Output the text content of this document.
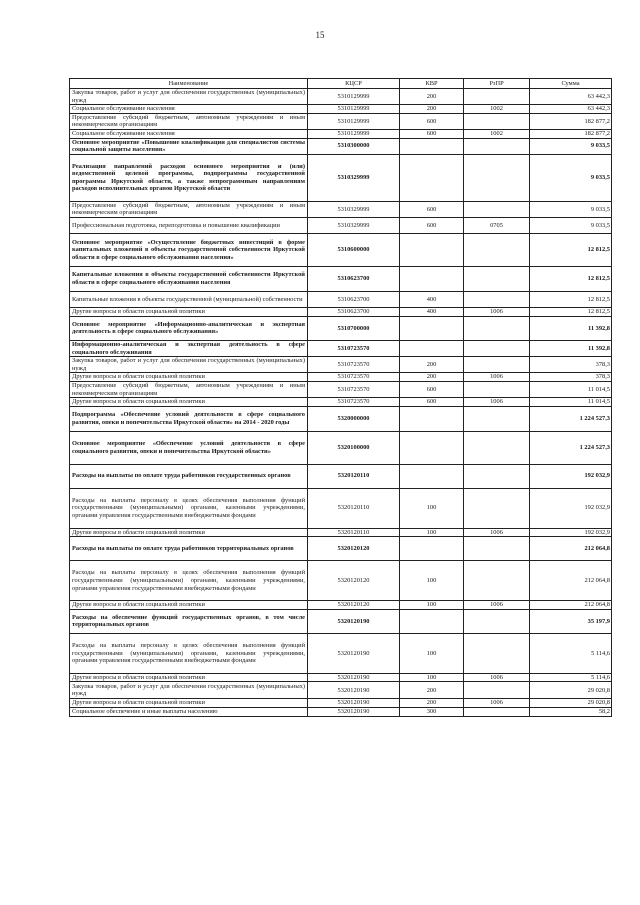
15
Наименование	КЦСР	КВР	РзПР	Сумма
Закупка товаров, работ и услуг для обеспечения государственных (муниципальных) нужд	5310129999	200		63 442,3
Социальное обслуживание населения	5310129999	200	1002	63 442,3
Предоставление субсидий бюджетным, автономным учреждениям и иным некоммерческим организациям	5310129999	600		182 877,2
Социальное обслуживание населения	5310129999	600	1002	182 877,2
Основное мероприятие «Повышение квалификации для специалистов системы социальной защиты населения»	5310300000			9 033,5
Реализация направлений расходов основного мероприятия и (или) ведомственной целевой программы, подпрограммы государственной программы Иркутской области, а также непрограммным направлениям расходов исполнительных органов Иркутской области	5310329999			9 033,5
Предоставление субсидий бюджетным, автономным учреждениям и иным некоммерческим организациям	5310329999	600		9 033,5
Профессиональная подготовка, переподготовка и повышение квалификации	5310329999	600	0705	9 033,5
Основное мероприятие «Осуществление бюджетных инвестиций в форме капитальных вложений в объекты государственной собственности Иркутской области в сфере социального обслуживания населения»	5310600000			12 812,5
Капитальные вложения в объекты государственной собственности Иркутской области в сфере социального обслуживания населения	5310623700			12 812,5
Капитальные вложения в объекты государственной (муниципальной) собственности	5310623700	400		12 812,5
Другие вопросы в области социальной политики	5310623700	400	1006	12 812,5
Основное мероприятие «Информационно-аналитическая и экспертная деятельность в сфере социального обслуживания»	5310700000			11 392,8
Информационно-аналитическая и экспертная деятельность в сфере социального обслуживания	5310723570			11 392,8
Закупка товаров, работ и услуг для обеспечения государственных (муниципальных) нужд	5310723570	200		378,3
Другие вопросы в области социальной политики	5310723570	200	1006	378,3
Предоставление субсидий бюджетным, автономным учреждениям и иным некоммерческим организациям	5310723570	600		11 014,5
Другие вопросы в области социальной политики	5310723570	600	1006	11 014,5
Подпрограмма «Обеспечение условий деятельности в сфере социального развития, опеки и попечительства Иркутской области» на 2014 - 2020 годы	5320000000			1 224 527,3
Основное мероприятие «Обеспечение условий деятельности в сфере социального развития, опеки и попечительства Иркутской области»	5320100000			1 224 527,3
Расходы на выплаты по оплате труда работников государственных органов	5320120110			192 032,9
Расходы на выплаты персоналу в целях обеспечения выполнения функций государственными (муниципальными) органами, казенными учреждениями, органами управления государственными внебюджетными фондами	5320120110	100		192 032,9
Другие вопросы в области социальной политики	5320120110	100	1006	192 032,9
Расходы на выплаты по оплате труда работников территориальных органов	5320120120			212 064,8
Расходы на выплаты персоналу в целях обеспечения выполнения функций государственными (муниципальными) органами, казенными учреждениями, органами управления государственными внебюджетными фондами	5320120120	100		212 064,8
Другие вопросы в области социальной политики	5320120120	100	1006	212 064,8
Расходы на обеспечение функций государственных органов, в том числе территориальных органов	5320120190			35 197,9
Расходы на выплаты персоналу в целях обеспечения выполнения функций государственными (муниципальными) органами, казенными учреждениями, органами управления государственными внебюджетными фондами	5320120190	100		5 114,6
Другие вопросы в области социальной политики	5320120190	100	1006	5 114,6
Закупка товаров, работ и услуг для обеспечения государственных (муниципальных) нужд	5320120190	200		29 020,8
Другие вопросы в области социальной политики	5320120190	200	1006	29 020,8
Социальное обеспечение и иные выплаты населению	5320120190	300		58,2
